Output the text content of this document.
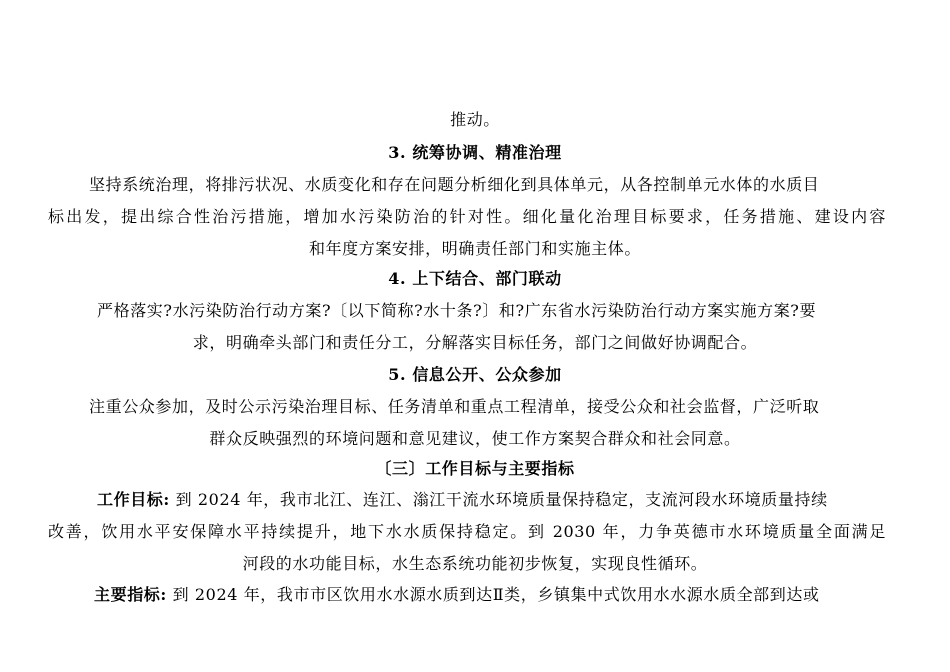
推动。
3. 统筹协调、精准治理
坚持系统治理，将排污状况、水质变化和存在问题分析细化到具体单元，从各控制单元水体的水质目
标出发，提出综合性治污措施，增加水污染防治的针对性。细化量化治理目标要求，任务措施、建设内容
和年度方案安排，明确责任部门和实施主体。
4. 上下结合、部门联动
严格落实?水污染防治行动方案?〔以下简称?水十条?〕和?广东省水污染防治行动方案实施方案?要
求，明确牵头部门和责任分工，分解落实目标任务，部门之间做好协调配合。
5. 信息公开、公众参加
注重公众参加，及时公示污染治理目标、任务清单和重点工程清单，接受公众和社会监督，广泛听取
群众反映强烈的环境问题和意见建议，使工作方案契合群众和社会同意。
〔三〕工作目标与主要指标
工作目标: 到 2024 年，我市北江、连江、滃江干流水环境质量保持稳定，支流河段水环境质量持续
改善，饮用水平安保障水平持续提升，地下水水质保持稳定。到 2030 年，力争英德市水环境质量全面满足
河段的水功能目标，水生态系统功能初步恢复，实现良性循环。
主要指标: 到 2024 年，我市市区饮用水水源水质到达Ⅱ类，乡镇集中式饮用水水源水质全部到达或
